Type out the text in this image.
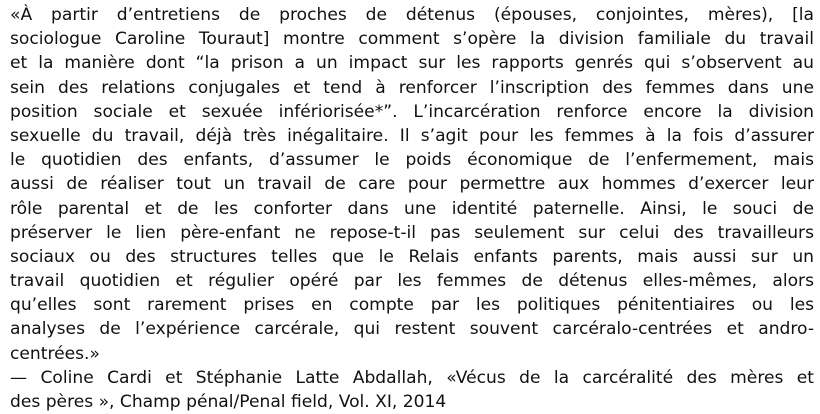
«À partir d’entretiens de proches de détenus (épouses, conjointes, mères), [la
sociologue Caroline Touraut] montre comment s’opère la division familiale du travail
et la manière dont “la prison a un impact sur les rapports genrés qui s’observent au
sein des relations conjugales et tend à renforcer l’inscription des femmes dans une
position sociale et sexuée infériorisée*”. L’incarcération renforce encore la division
sexuelle du travail, déjà très inégalitaire. Il s’agit pour les femmes à la fois d’assurer
le quotidien des enfants, d’assumer le poids économique de l’enfermement, mais
aussi de réaliser tout un travail de care pour permettre aux hommes d’exercer leur
rôle parental et de les conforter dans une identité paternelle. Ainsi, le souci de
préserver le lien père-enfant ne repose-t-il pas seulement sur celui des travailleurs
sociaux ou des structures telles que le Relais enfants parents, mais aussi sur un
travail quotidien et régulier opéré par les femmes de détenus elles-mêmes, alors
qu’elles sont rarement prises en compte par les politiques pénitentiaires ou les
analyses de l’expérience carcérale, qui restent souvent carcéralo-centrées et andro-
centrées.»
— Coline Cardi et Stéphanie Latte Abdallah, «Vécus de la carcéralité des mères et
des pères », Champ pénal/Penal field, Vol. XI, 2014
